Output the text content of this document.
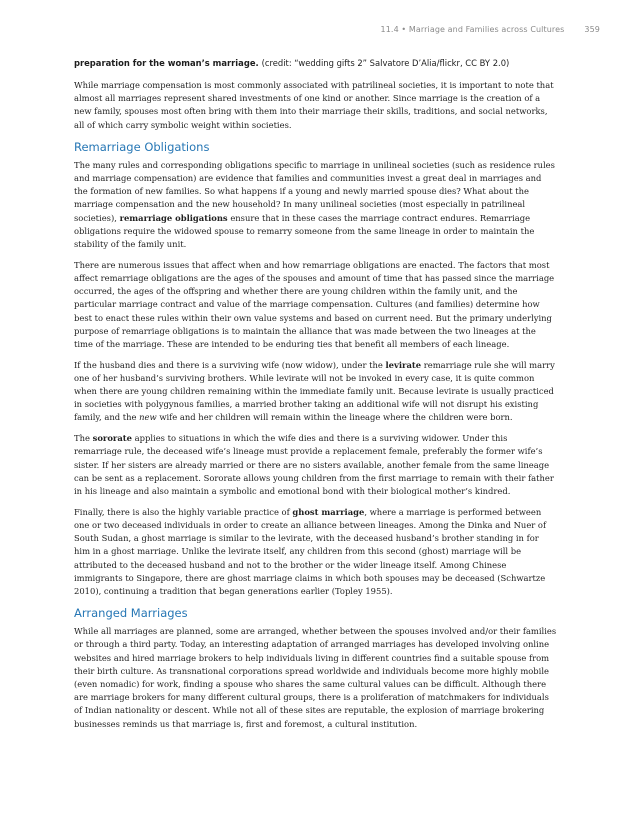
11.4 • Marriage and Families across Cultures	359
preparation for the woman’s marriage. (credit: “wedding gifts 2” Salvatore D’Alia/flickr, CC BY 2.0)

While marriage compensation is most commonly associated with patrilineal societies, it is important to note that almost all marriages represent shared investments of one kind or another. Since marriage is the creation of a new family, spouses most often bring with them into their marriage their skills, traditions, and social networks, all of which carry symbolic weight within societies.

Remarriage Obligations

The many rules and corresponding obligations specific to marriage in unilineal societies (such as residence rules and marriage compensation) are evidence that families and communities invest a great deal in marriages and the formation of new families. So what happens if a young and newly married spouse dies? What about the marriage compensation and the new household? In many unilineal societies (most especially in patrilineal societies), remarriage obligations ensure that in these cases the marriage contract endures. Remarriage obligations require the widowed spouse to remarry someone from the same lineage in order to maintain the stability of the family unit.

There are numerous issues that affect when and how remarriage obligations are enacted. The factors that most affect remarriage obligations are the ages of the spouses and amount of time that has passed since the marriage occurred, the ages of the offspring and whether there are young children within the family unit, and the particular marriage contract and value of the marriage compensation. Cultures (and families) determine how best to enact these rules within their own value systems and based on current need. But the primary underlying purpose of remarriage obligations is to maintain the alliance that was made between the two lineages at the time of the marriage. These are intended to be enduring ties that benefit all members of each lineage.

If the husband dies and there is a surviving wife (now widow), under the levirate remarriage rule she will marry one of her husband’s surviving brothers. While levirate will not be invoked in every case, it is quite common when there are young children remaining within the immediate family unit. Because levirate is usually practiced in societies with polygynous families, a married brother taking an additional wife will not disrupt his existing family, and the new wife and her children will remain within the lineage where the children were born.

The sororate applies to situations in which the wife dies and there is a surviving widower. Under this remarriage rule, the deceased wife’s lineage must provide a replacement female, preferably the former wife’s sister. If her sisters are already married or there are no sisters available, another female from the same lineage can be sent as a replacement. Sororate allows young children from the first marriage to remain with their father in his lineage and also maintain a symbolic and emotional bond with their biological mother’s kindred.

Finally, there is also the highly variable practice of ghost marriage, where a marriage is performed between one or two deceased individuals in order to create an alliance between lineages. Among the Dinka and Nuer of South Sudan, a ghost marriage is similar to the levirate, with the deceased husband’s brother standing in for him in a ghost marriage. Unlike the levirate itself, any children from this second (ghost) marriage will be attributed to the deceased husband and not to the brother or the wider lineage itself. Among Chinese immigrants to Singapore, there are ghost marriage claims in which both spouses may be deceased (Schwartze 2010), continuing a tradition that began generations earlier (Topley 1955).

Arranged Marriages

While all marriages are planned, some are arranged, whether between the spouses involved and/or their families or through a third party. Today, an interesting adaptation of arranged marriages has developed involving online websites and hired marriage brokers to help individuals living in different countries find a suitable spouse from their birth culture. As transnational corporations spread worldwide and individuals become more highly mobile (even nomadic) for work, finding a spouse who shares the same cultural values can be difficult. Although there are marriage brokers for many different cultural groups, there is a proliferation of matchmakers for individuals of Indian nationality or descent. While not all of these sites are reputable, the explosion of marriage brokering businesses reminds us that marriage is, first and foremost, a cultural institution.
